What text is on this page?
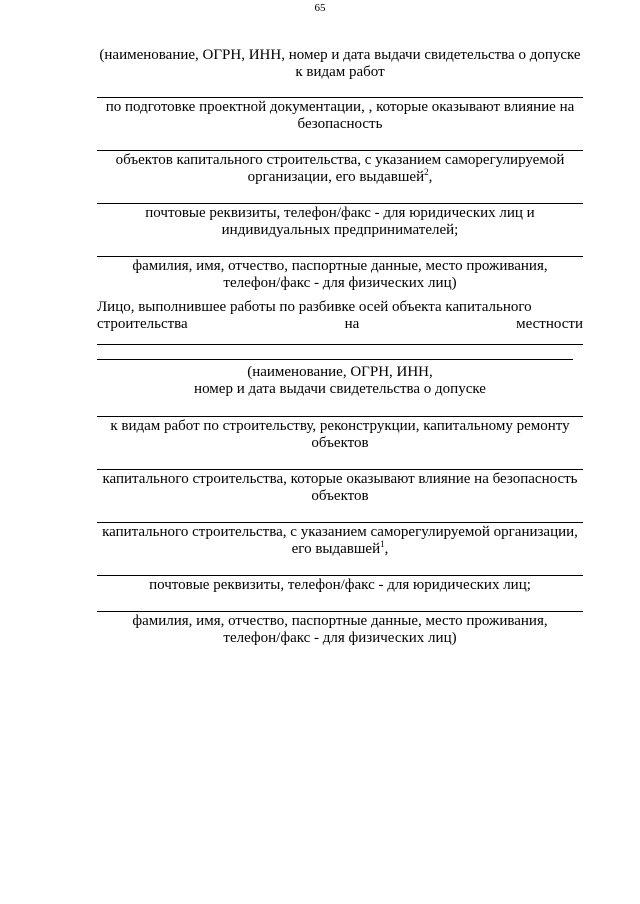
65
по подготовке проектной документации, , которые оказывают влияние на
безопасность
объектов капитального строительства, с указанием саморегулируемой
организации, его выдавшей$^2$,
почтовые реквизиты, телефон/факс - для юридических лиц и
индивидуальных предпринимателей;
фамилия, имя, отчество, паспортные данные, место проживания,
телефон/факс - для физических лиц)
Лицо, выполнившее работы по разбивке осей объекта капитального
строительства	на	местности
(наименование, ОГРН, ИНН,
номер и дата выдачи свидетельства о допуске
к видам работ по строительству, реконструкции, капитальному ремонту
объектов
капитального строительства, которые оказывают влияние на безопасность
объектов
капитального строительства, с указанием саморегулируемой организации,
его выдавшей$^1$,
почтовые реквизиты, телефон/факс - для юридических лиц;
фамилия, имя, отчество, паспортные данные, место проживания,
телефон/факс - для физических лиц)
(наименование, ОГРН, ИНН, номер и дата выдачи свидетельства о допуске
к видам работ
